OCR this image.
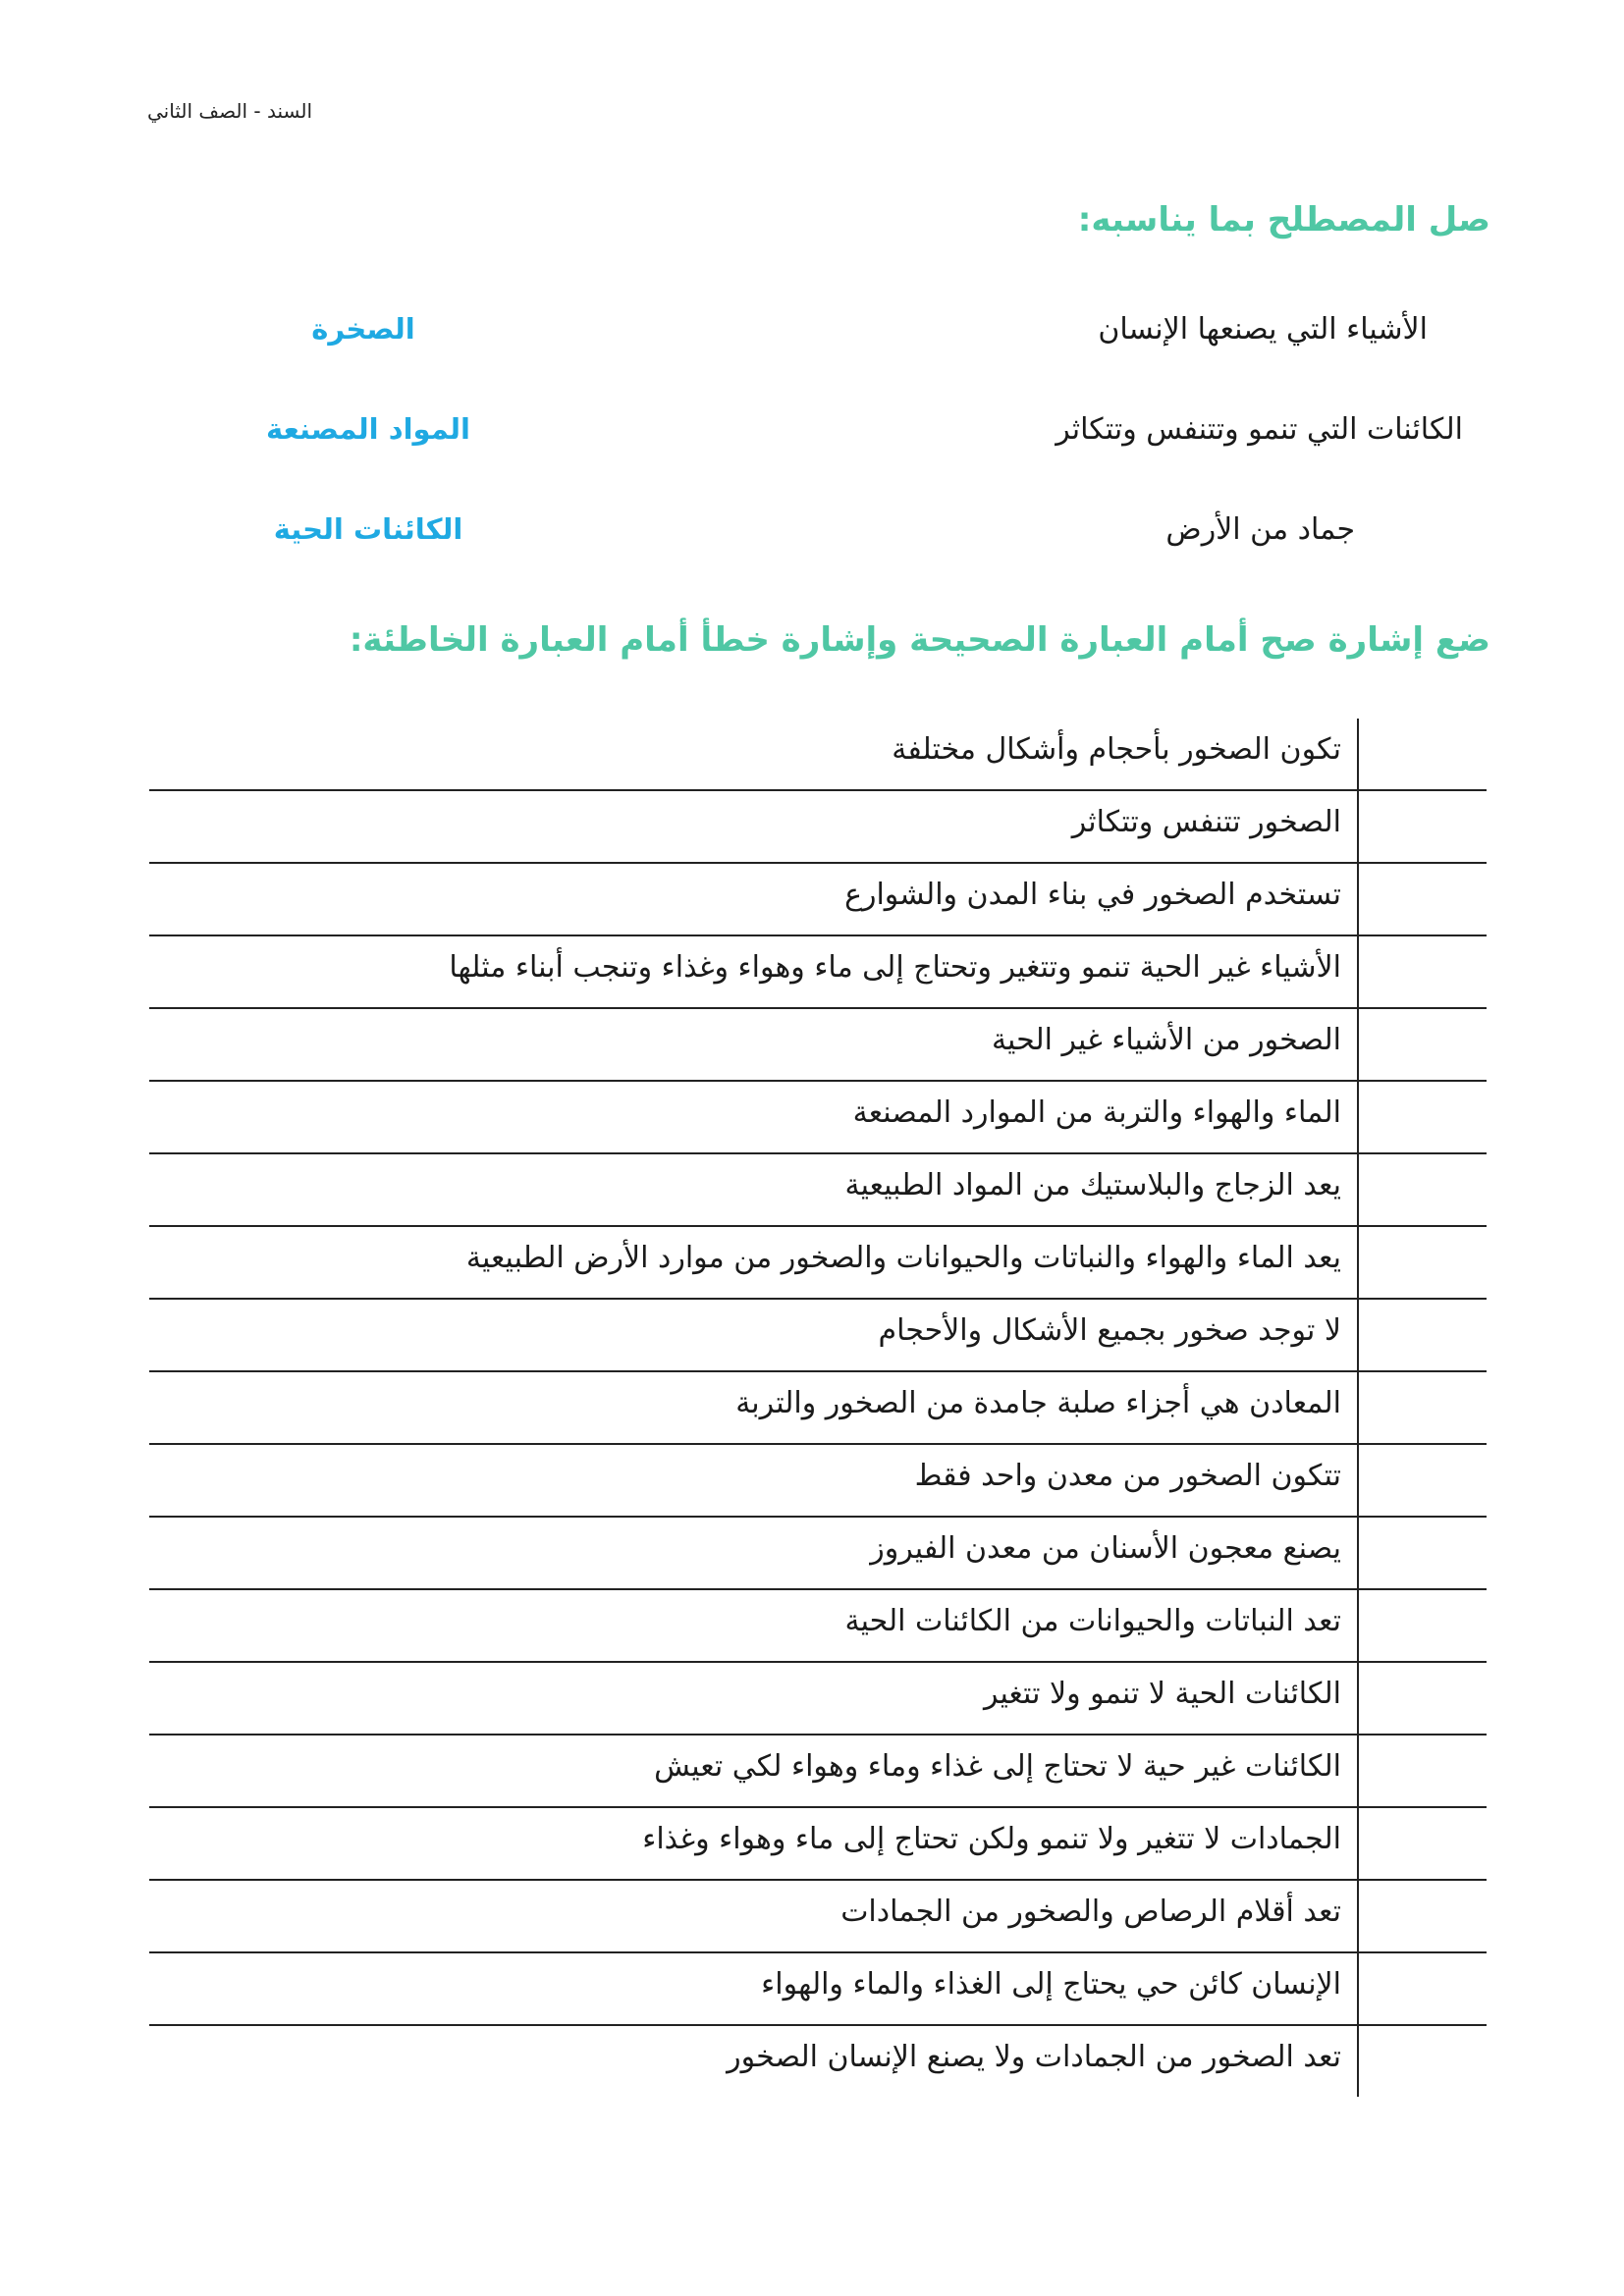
السند - الصف الثاني
صل المصطلح بما يناسبه:
الأشياء التي يصنعها الإنسان
الكائنات التي تنمو وتتنفس وتتكاثر
جماد من الأرض
الصخرة
المواد المصنعة
الكائنات الحية
ضع إشارة صح أمام العبارة الصحيحة وإشارة خطأ أمام العبارة الخاطئة:
تكون الصخور بأحجام وأشكال مختلفة
الصخور تتنفس وتتكاثر
تستخدم الصخور في بناء المدن والشوارع
الأشياء غير الحية تنمو وتتغير وتحتاج إلى ماء وهواء وغذاء وتنجب أبناء مثلها
الصخور من الأشياء غير الحية
الماء والهواء والتربة من الموارد المصنعة
يعد الزجاج والبلاستيك من المواد الطبيعية
يعد الماء والهواء والنباتات والحيوانات والصخور من موارد الأرض الطبيعية
لا توجد صخور بجميع الأشكال والأحجام
المعادن هي أجزاء صلبة جامدة من الصخور والتربة
تتكون الصخور من معدن واحد فقط
يصنع معجون الأسنان من معدن الفيروز
تعد النباتات والحيوانات من الكائنات الحية
الكائنات الحية لا تنمو ولا تتغير
الكائنات غير حية لا تحتاج إلى غذاء وماء وهواء لكي تعيش
الجمادات لا تتغير ولا تنمو ولكن تحتاج إلى ماء وهواء وغذاء
تعد أقلام الرصاص والصخور من الجمادات
الإنسان كائن حي يحتاج إلى الغذاء والماء والهواء
تعد الصخور من الجمادات ولا يصنع الإنسان الصخور
